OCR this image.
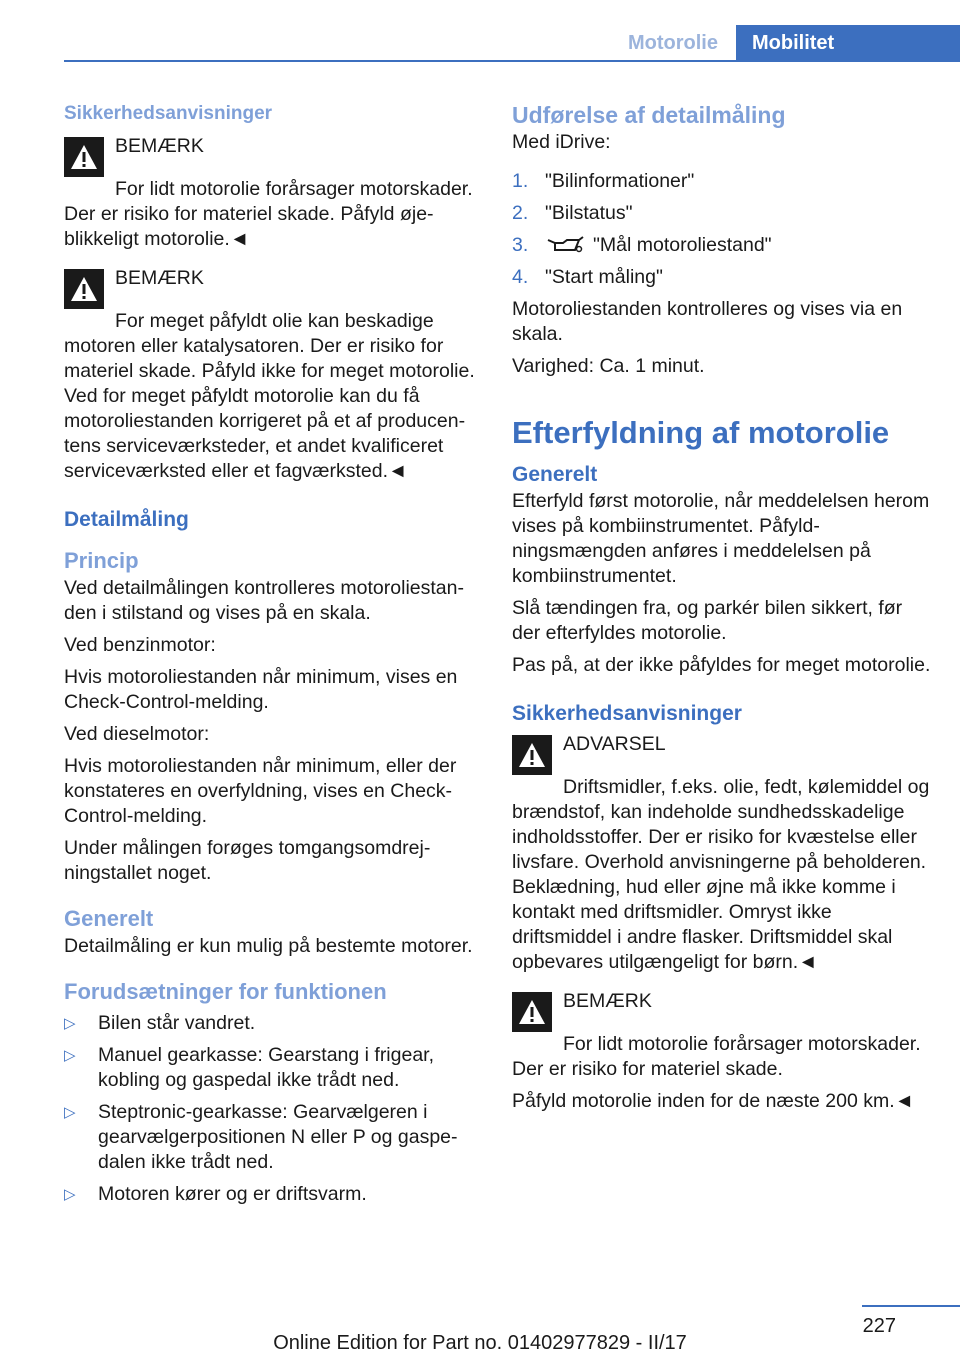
Motorolie	Mobilitet
Sikkerhedsanvisninger
BEMÆRK

For lidt motorolie forårsager motorskader. Der er risiko for materiel skade. Påfyld øjeblikkeligt motorolie.◄

BEMÆRK

For meget påfyldt olie kan beskadige motoren eller katalysatoren. Der er risiko for materiel skade. Påfyld ikke for meget motorolie. Ved for meget påfyldt motorolie kan du få motoroliestanden korrigeret på et af producentens serviceværksteder, et andet kvalificeret serviceværksted eller et fagværksted.◄

Detailmåling
Princip

Ved detailmålingen kontrolleres motoroliestanden i stilstand og vises på en skala.

Ved benzinmotor:

Hvis motoroliestanden når minimum, vises en Check-Control-melding.

Ved dieselmotor:

Hvis motoroliestanden når minimum, eller der konstateres en overfyldning, vises en Check-Control-melding.

Under målingen forøges tomgangsomdrejningstallet noget.

Generelt

Detailmåling er kun mulig på bestemte motorer.

Forudsætninger for funktionen
▷	Bilen står vandret.
▷	Manuel gearkasse: Gearstang i frigear, kobling og gaspedal ikke trådt ned.
▷	Steptronic-gearkasse: Gearvælgeren i gearvælgerpositionen N eller P og gaspedalen ikke trådt ned.
▷	Motoren kører og er driftsvarm.
Udførelse af detailmåling

Med iDrive:

1. "Bilinformationer"
2. "Bilstatus"
3.	"Mål motoroliestand"
4. "Start måling"

Motoroliestanden kontrolleres og vises via en skala.

Varighed: Ca. 1 minut.

Efterfyldning af motorolie
Generelt

Efterfyld først motorolie, når meddelelsen herom vises på kombiinstrumentet. Påfyldningsmængden anføres i meddelelsen på kombiinstrumentet.

Slå tændingen fra, og parkér bilen sikkert, før der efterfyldes motorolie.

Pas på, at der ikke påfyldes for meget motorolie.

Sikkerhedsanvisninger
ADVARSEL

Driftsmidler, f.eks. olie, fedt, kølemiddel og brændstof, kan indeholde sundhedsskadelige indholdsstoffer. Der er risiko for kvæstelse eller livsfare. Overhold anvisningerne på beholderen. Beklædning, hud eller øjne må ikke komme i kontakt med driftsmidler. Omryst ikke driftsmiddel i andre flasker. Driftsmiddel skal opbevares utilgængeligt for børn.◄

BEMÆRK

For lidt motorolie forårsager motorskader. Der er risiko for materiel skade.

Påfyld motorolie inden for de næste 200 km.◄

227
Online Edition for Part no. 01402977829 - II/17
